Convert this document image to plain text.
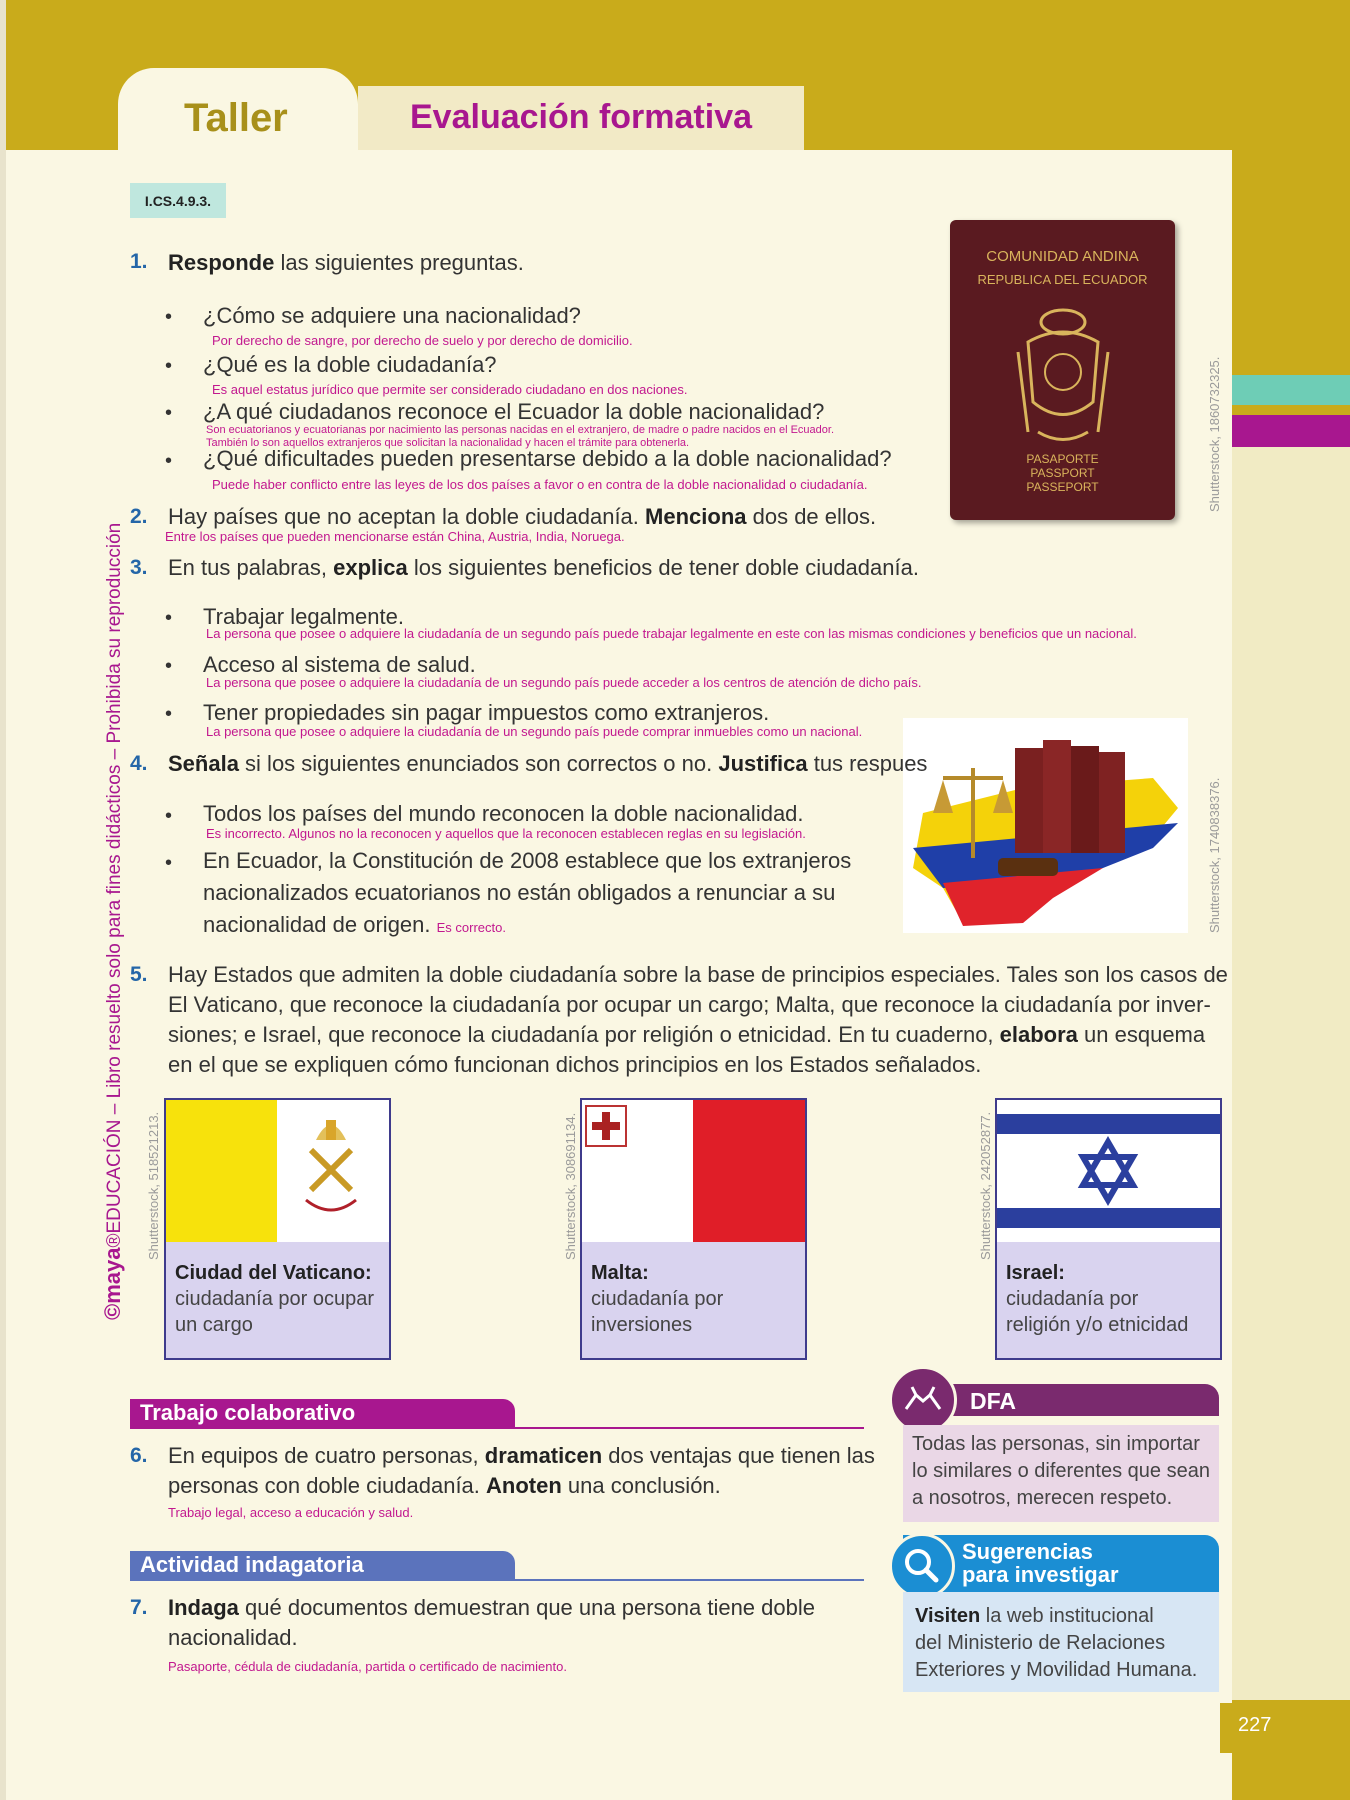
Taller	Evaluación formativa
I.CS.4.9.3.
©maya®EDUCACIÓN – Libro resuelto solo para fines didácticos – Prohibida su reproducción
COMUNIDAD ANDINA
REPUBLICA DEL ECUADOR
PASAPORTE
PASSPORT
PASSEPORT	Shutterstock, 1860732325.
1. Responde las siguientes preguntas.
• ¿Cómo se adquiere una nacionalidad?
Por derecho de sangre, por derecho de suelo y por derecho de domicilio.
• ¿Qué es la doble ciudadanía?
Es aquel estatus jurídico que permite ser considerado ciudadano en dos naciones.
• ¿A qué ciudadanos reconoce el Ecuador la doble nacionalidad?
Son ecuatorianos y ecuatorianas por nacimiento las personas nacidas en el extranjero, de madre o padre nacidos en el Ecuador.
También lo son aquellos extranjeros que solicitan la nacionalidad y hacen el trámite para obtenerla.
• ¿Qué dificultades pueden presentarse debido a la doble nacionalidad?
Puede haber conflicto entre las leyes de los dos países a favor o en contra de la doble nacionalidad o ciudadanía.
2. Hay países que no aceptan la doble ciudadanía. Menciona dos de ellos.
Entre los países que pueden mencionarse están China, Austria, India, Noruega.
3. En tus palabras, explica los siguientes beneficios de tener doble ciudadanía.
• Trabajar legalmente.
La persona que posee o adquiere la ciudadanía de un segundo país puede trabajar legalmente en este con las mismas condiciones y beneficios que un nacional.
• Acceso al sistema de salud.
La persona que posee o adquiere la ciudadanía de un segundo país puede acceder a los centros de atención de dicho país.
• Tener propiedades sin pagar impuestos como extranjeros.
La persona que posee o adquiere la ciudadanía de un segundo país puede comprar inmuebles como un nacional.
Shutterstock, 1740838376.
4. Señala si los siguientes enunciados son correctos o no. Justifica tus respues
• Todos los países del mundo reconocen la doble nacionalidad.
Es incorrecto. Algunos no la reconocen y aquellos que la reconocen establecen reglas en su legislación.
• En Ecuador, la Constitución de 2008 establece que los extranjeros
nacionalizados ecuatorianos no están obligados a renunciar a su
nacionalidad de origen. Es correcto.
5. Hay Estados que admiten la doble ciudadanía sobre la base de principios especiales. Tales son los casos de
El Vaticano, que reconoce la ciudadanía por ocupar un cargo; Malta, que reconoce la ciudadanía por inver-
siones; e Israel, que reconoce la ciudadanía por religión o etnicidad. En tu cuaderno, elabora un esquema
en el que se expliquen cómo funcionan dichos principios en los Estados señalados.
Ciudad del Vaticano:
ciudadanía por ocupar
un cargo
Shutterstock, 518521213.
Malta:
ciudadanía por
inversiones
Shutterstock, 308691134.
Israel:
ciudadanía por
religión y/o etnicidad
Shutterstock, 242052877.
Trabajo colaborativo
6. En equipos de cuatro personas, dramaticen dos ventajas que tienen las
personas con doble ciudadanía. Anoten una conclusión.
Trabajo legal, acceso a educación y salud.
Actividad indagatoria
7. Indaga qué documentos demuestran que una persona tiene doble
nacionalidad.
Pasaporte, cédula de ciudadanía, partida o certificado de nacimiento.
DFA
Todas las personas, sin importar
lo similares o diferentes que sean
a nosotros, merecen respeto.
Sugerencias
para investigar
Visiten la web institucional
del Ministerio de Relaciones
Exteriores y Movilidad Humana.
227
